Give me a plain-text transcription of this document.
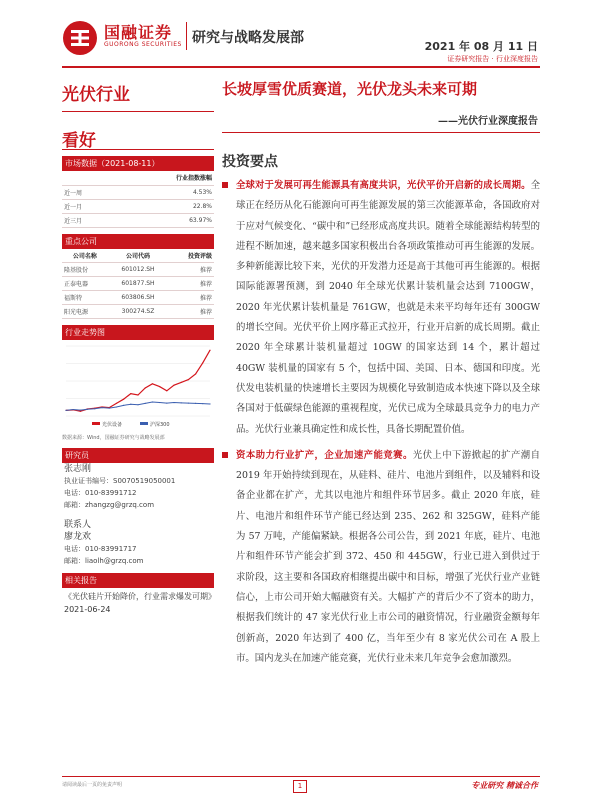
国融证券
GUORONG SECURITIES 研究与战略发展部
2021 年 08 月 11 日
证券研究报告 · 行业深度报告
光伏行业
看好
市场数据（2021-08-11）
	行业指数涨幅
近一周	4.53%
近一月	22.8%
近三月	63.97%
重点公司
公司名称	公司代码	投资评级
隆基股份	601012.SH	推荐
正泰电器	601877.SH	推荐
福斯特	603806.SH	推荐
阳光电源	300274.SZ	推荐
行业走势图
光伏设备	沪深300
数据来源：Wind，国融证券研究与战略发展部
研究员
张志刚
执业证书编号：S0070519050001
电话：010-83991712
邮箱：zhangzg@grzq.com
联系人
廖龙欢
电话：010-83991717
邮箱：liaolh@grzq.com
相关报告
《光伏硅片开始降价，行业需求爆发可期》2021-06-24
长坡厚雪优质赛道，光伏龙头未来可期
——光伏行业深度报告
投资要点
全球对于发展可再生能源具有高度共识，光伏平价开启新的成长周期。全球正在经历从化石能源向可再生能源发展的第三次能源革命，各国政府对于应对气候变化、“碳中和”已经形成高度共识。随着全球能源结构转型的进程不断加速，越来越多国家积极出台各项政策推动可再生能源的发展。多种新能源比较下来，光伏的开发潜力还是高于其他可再生能源的。根据国际能源署预测，到 2040 年全球光伏累计装机量会达到 7100GW，2020 年光伏累计装机量是 761GW，也就是未来平均每年还有 300GW 的增长空间。光伏平价上网序幕正式拉开，行业开启新的成长周期。截止 2020 年全球累计装机量超过 10GW 的国家达到 14 个，累计超过 40GW 装机量的国家有 5 个，包括中国、美国、日本、德国和印度。光伏发电装机量的快速增长主要因为规模化导致制造成本快速下降以及全球各国对于低碳绿色能源的重视程度，光伏已成为全球最具竞争力的电力产品。光伏行业兼具确定性和成长性，具备长期配置价值。
资本助力行业扩产，企业加速产能竞赛。光伏上中下游掀起的扩产潮自 2019 年开始持续到现在，从硅料、硅片、电池片到组件，以及辅料和设备企业都在扩产，尤其以电池片和组件环节居多。截止 2020 年底，硅片、电池片和组件环节产能已经达到 235、262 和 325GW，硅料产能为 57 万吨，产能偏紧缺。根据各公司公告，到 2021 年底，硅片、电池片和组件环节产能会扩到 372、450 和 445GW，行业已进入到供过于求阶段，这主要和各国政府相继提出碳中和目标，增强了光伏行业产业链信心，上市公司开始大幅融资有关。大幅扩产的背后少不了资本的助力，根据我们统计的 47 家光伏行业上市公司的融资情况，行业融资金额每年创新高，2020 年达到了 400 亿，当年至少有 8 家光伏公司在 A 股上市。国内龙头在加速产能竞赛，光伏行业未来几年竞争会愈加激烈。
请阅读最后一页的免责声明	1	专业研究 精诚合作
